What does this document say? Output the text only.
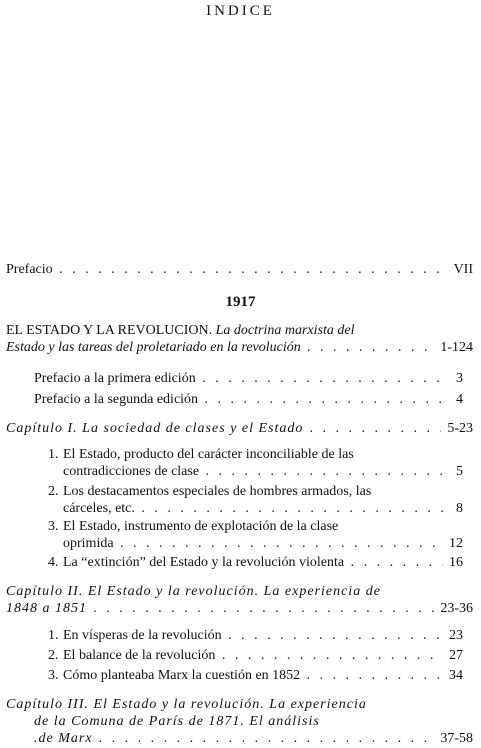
INDICE
Prefacio . . .	VII
1917
EL ESTADO Y LA REVOLUCION. La doctrina marxista del
Estado y las tareas del proletariado en la revolución . . .	1-124
Prefacio a la primera edición . . .	3
Prefacio a la segunda edición . . .	4
Capítulo I. La sociedad de clases y el Estado . . .	5-23
1. El Estado, producto del carácter inconciliable de las
contradicciones de clase . . .	5
2. Los destacamentos especiales de hombres armados, las
cárceles, etc. . . .	8
3. El Estado, instrumento de explotación de la clase
oprimida . . .	12
4. La “extinción” del Estado y la revolución violenta . . .	16
Capítulo II. El Estado y la revolución. La experiencia de
1848 a 1851 . . .	23-36
1. En vísperas de la revolución . . .	23
2. El balance de la revolución . . .	27
3. Cómo planteaba Marx la cuestión en 1852 . . .	34
Capítulo III. El Estado y la revolución. La experiencia
de la Comuna de París de 1871. El análisis
.de Marx . . .	37-58
